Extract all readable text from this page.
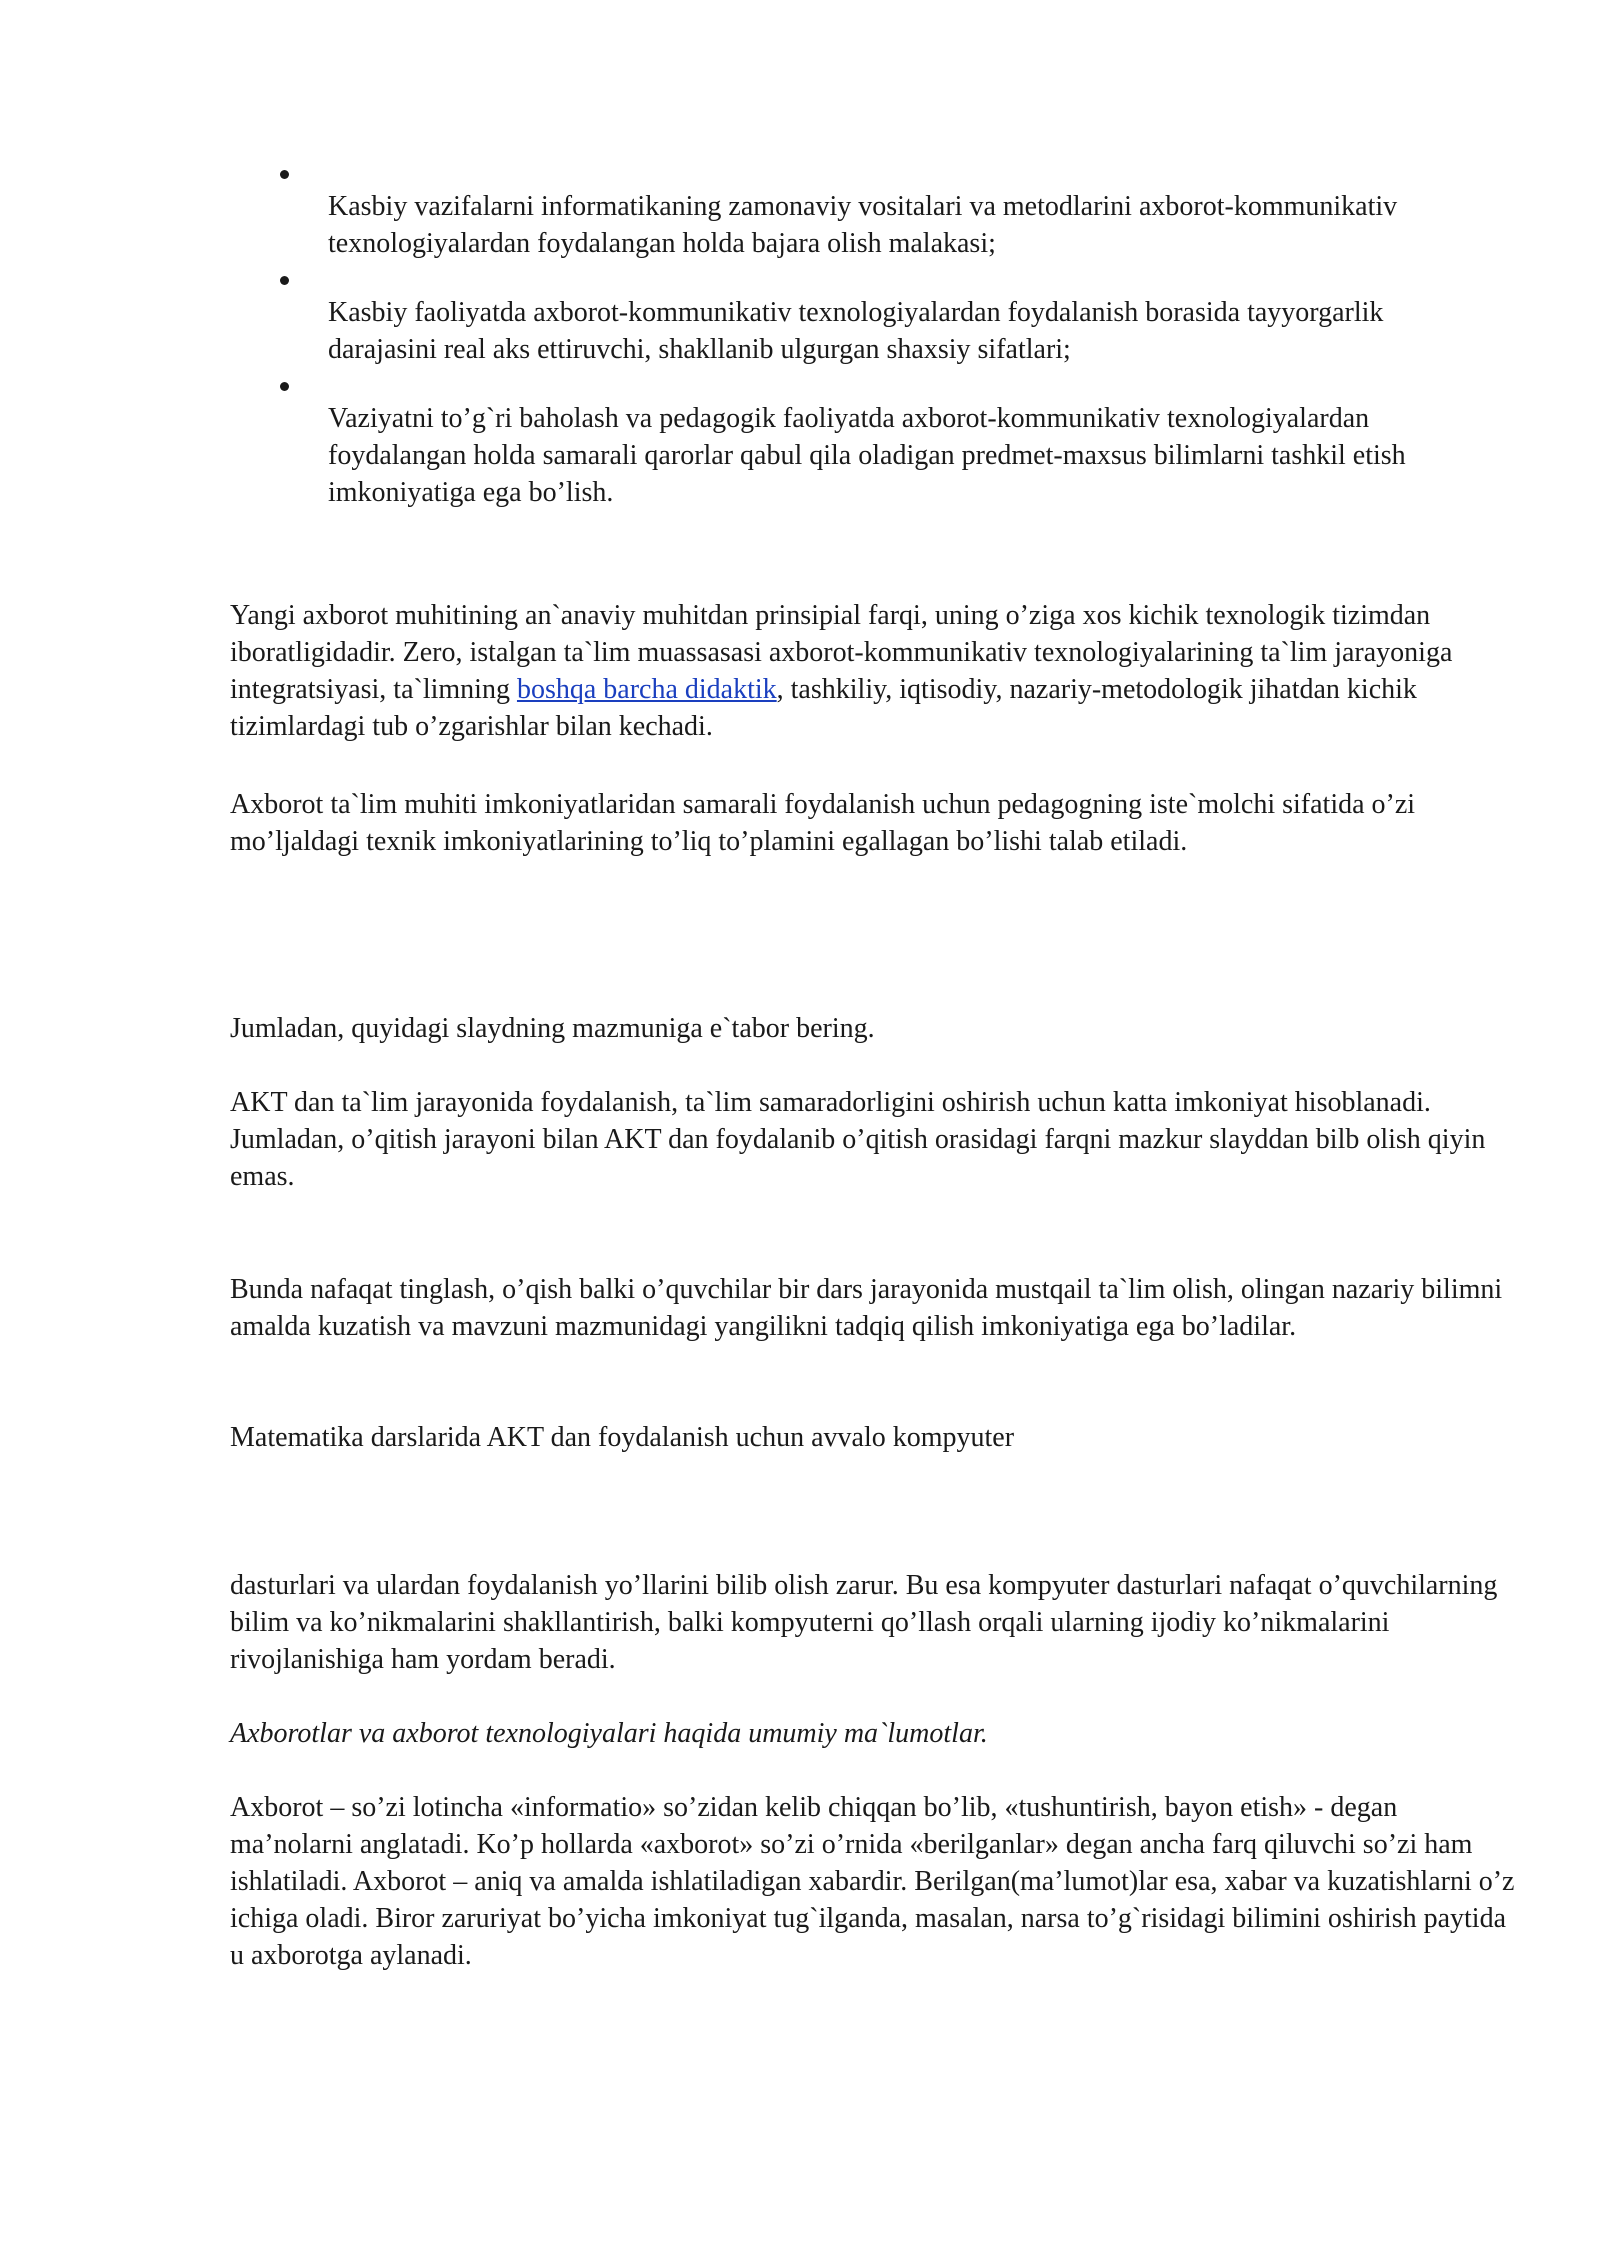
Kasbiy vazifalarni informatikaning zamonaviy vositalari va metodlarini axborot-kommunikativ texnologiyalardan foydalangan holda bajara olish malakasi;
Kasbiy faoliyatda axborot-kommunikativ texnologiyalardan foydalanish borasida tayyorgarlik darajasini real aks ettiruvchi, shakllanib ulgurgan shaxsiy sifatlari;
Vaziyatni to’g`ri baholash va pedagogik faoliyatda axborot-kommunikativ texnologiyalardan foydalangan holda samarali qarorlar qabul qila oladigan predmet-maxsus bilimlarni tashkil etish imkoniyatiga ega bo’lish.

Yangi axborot muhitining an`anaviy muhitdan prinsipial farqi, uning o’ziga xos kichik texnologik tizimdan iboratligidadir. Zero, istalgan ta`lim muassasasi axborot-kommunikativ texnologiyalarining ta`lim jarayoniga integratsiyasi, ta`limning boshqa barcha didaktik, tashkiliy, iqtisodiy, nazariy-metodologik jihatdan kichik tizimlardagi tub o’zgarishlar bilan kechadi.

Axborot ta`lim muhiti imkoniyatlaridan samarali foydalanish uchun pedagogning iste`molchi sifatida o’zi mo’ljaldagi texnik imkoniyatlarining to’liq to’plamini egallagan bo’lishi talab etiladi.

Jumladan, quyidagi slaydning mazmuniga e`tabor bering.

AKT dan ta`lim jarayonida foydalanish, ta`lim samaradorligini oshirish uchun katta imkoniyat hisoblanadi. Jumladan, o’qitish jarayoni bilan AKT dan foydalanib o’qitish orasidagi farqni mazkur slayddan bilb olish qiyin emas.

Bunda nafaqat tinglash, o’qish balki o’quvchilar bir dars jarayonida mustqail ta`lim olish, olingan nazariy bilimni amalda kuzatish va mavzuni mazmunidagi yangilikni tadqiq qilish imkoniyatiga ega bo’ladilar.

Matematika darslarida AKT dan foydalanish uchun avvalo kompyuter

dasturlari va ulardan foydalanish yo’llarini bilib olish zarur. Bu esa kompyuter dasturlari nafaqat o’quvchilarning bilim va ko’nikmalarini shakllantirish, balki kompyuterni qo’llash orqali ularning ijodiy ko’nikmalarini rivojlanishiga ham yordam beradi.

Axborotlar va axborot texnologiyalari haqida umumiy ma`lumotlar.

Axborot – so’zi lotincha «informatio» so’zidan kelib chiqqan bo’lib, «tushuntirish, bayon etish» - degan ma’nolarni anglatadi. Ko’p hollarda «axborot» so’zi o’rnida «berilganlar» degan ancha farq qiluvchi so’zi ham ishlatiladi. Axborot – aniq va amalda ishlatiladigan xabardir. Berilgan(ma’lumot)lar esa, xabar va kuzatishlarni o’z ichiga oladi. Biror zaruriyat bo’yicha imkoniyat tug`ilganda, masalan, narsa to’g`risidagi bilimini oshirish paytida u axborotga aylanadi.
